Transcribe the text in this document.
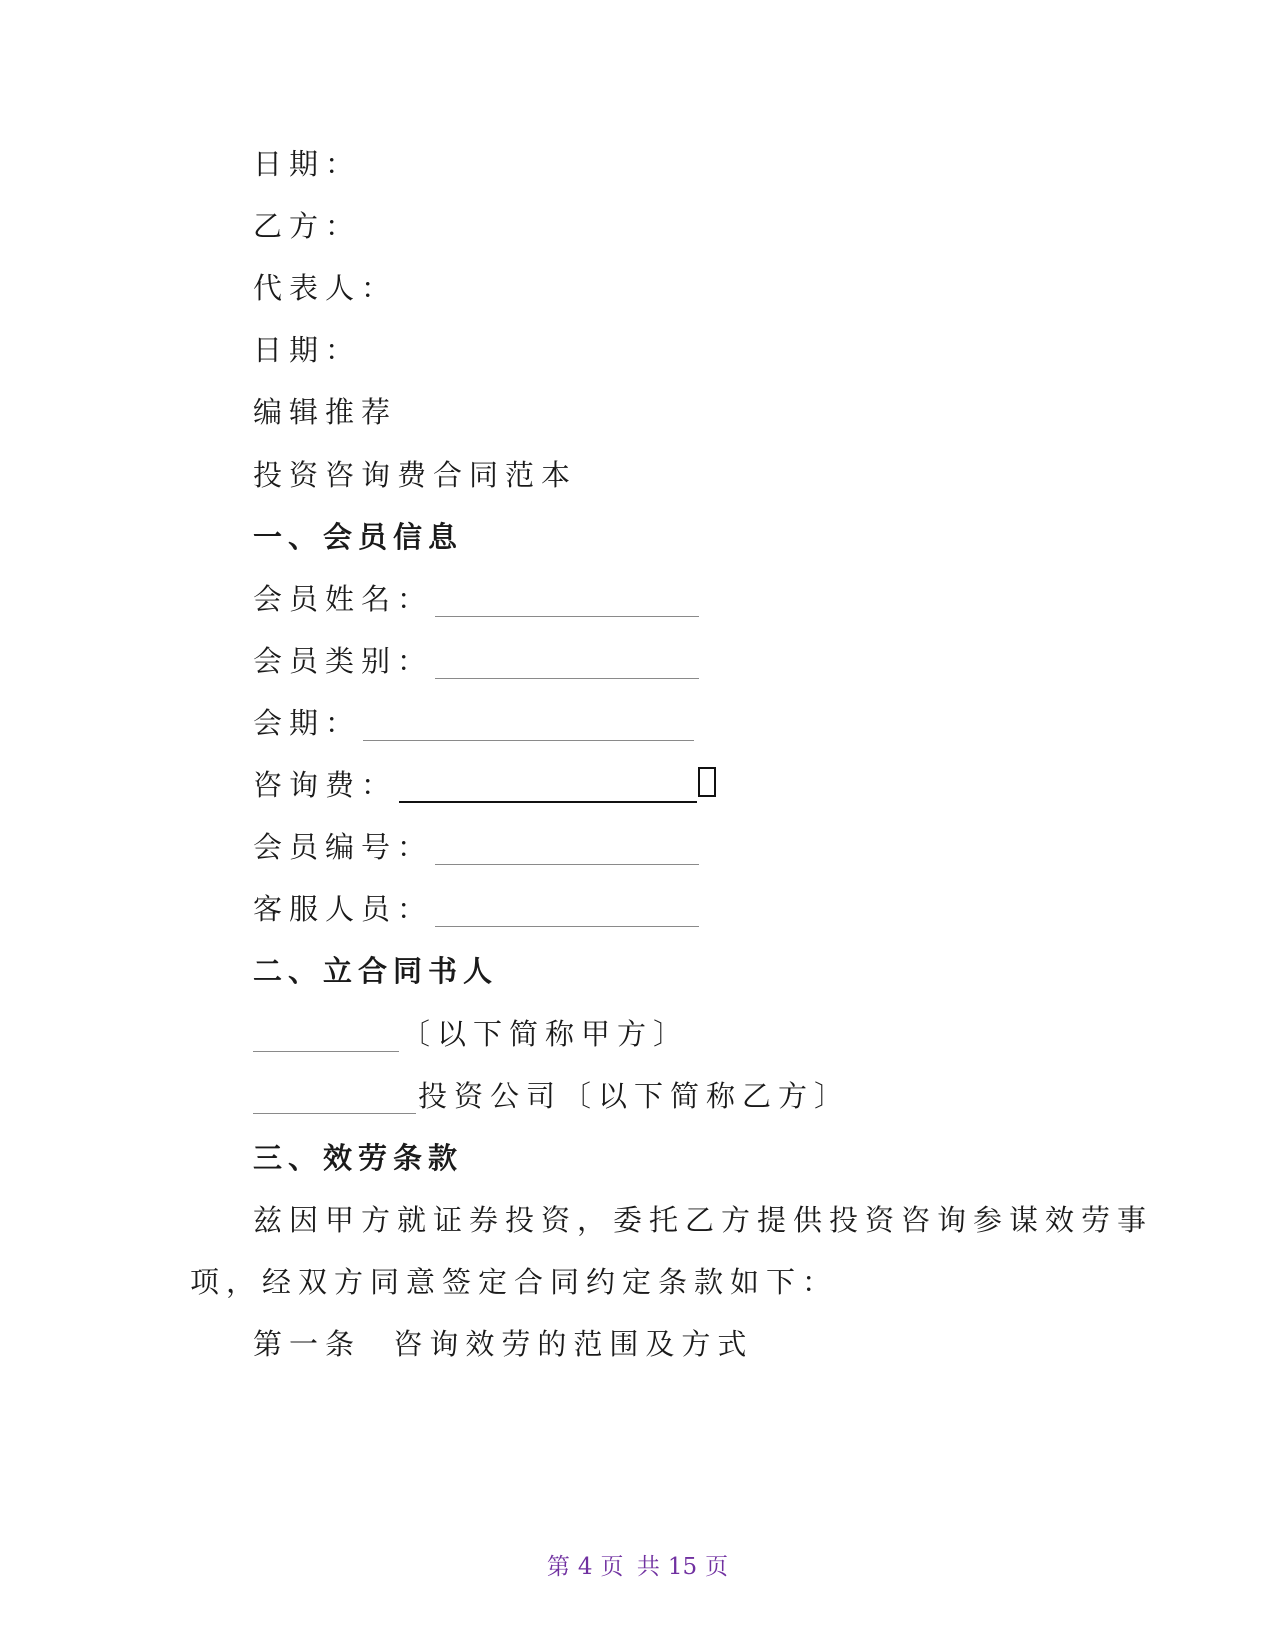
日期：
乙方：
代表人：
日期：
编辑推荐
投资咨询费合同范本
一、会员信息
会员姓名：
会员类别：
会期：
咨询费：
会员编号：
客服人员：
二、立合同书人
〔以下简称甲方〕
投资公司〔以下简称乙方〕
三、效劳条款
兹因甲方就证券投资，委托乙方提供投资咨询参谋效劳事
项，经双方同意签定合同约定条款如下：
第一条  咨询效劳的范围及方式
第 4 页 共 15 页
